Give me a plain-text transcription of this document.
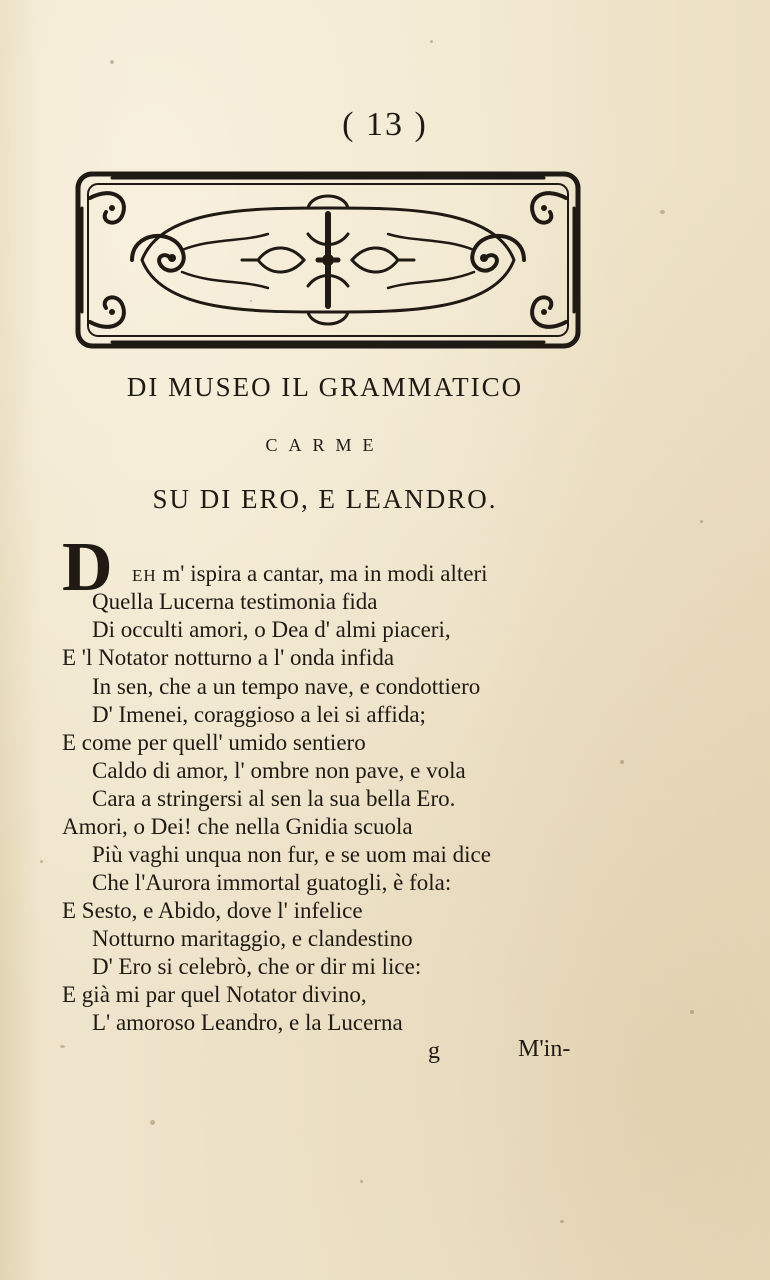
( 13 )
DI MUSEO IL GRAMMATICO
CARME
SU DI ERO, E LEANDRO.
D EH m' ispira a cantar, ma in modi alteri
Quella Lucerna testimonia fida
Di occulti amori, o Dea d' almi piaceri,
E 'l Notator notturno a l' onda infida
In sen, che a un tempo nave, e condottiero
D' Imenei, coraggioso a lei si affida;
E come per quell' umido sentiero
Caldo di amor, l' ombre non pave, e vola
Cara a stringersi al sen la sua bella Ero.
Amori, o Dei! che nella Gnidia scuola
Più vaghi unqua non fur, e se uom mai dice
Che l'Aurora immortal guatogli, è fola:
E Sesto, e Abido, dove l' infelice
Notturno maritaggio, e clandestino
D' Ero si celebrò, che or dir mi lice:
E già mi par quel Notator divino,
L' amoroso Leandro, e la Lucerna
g	M'in-
